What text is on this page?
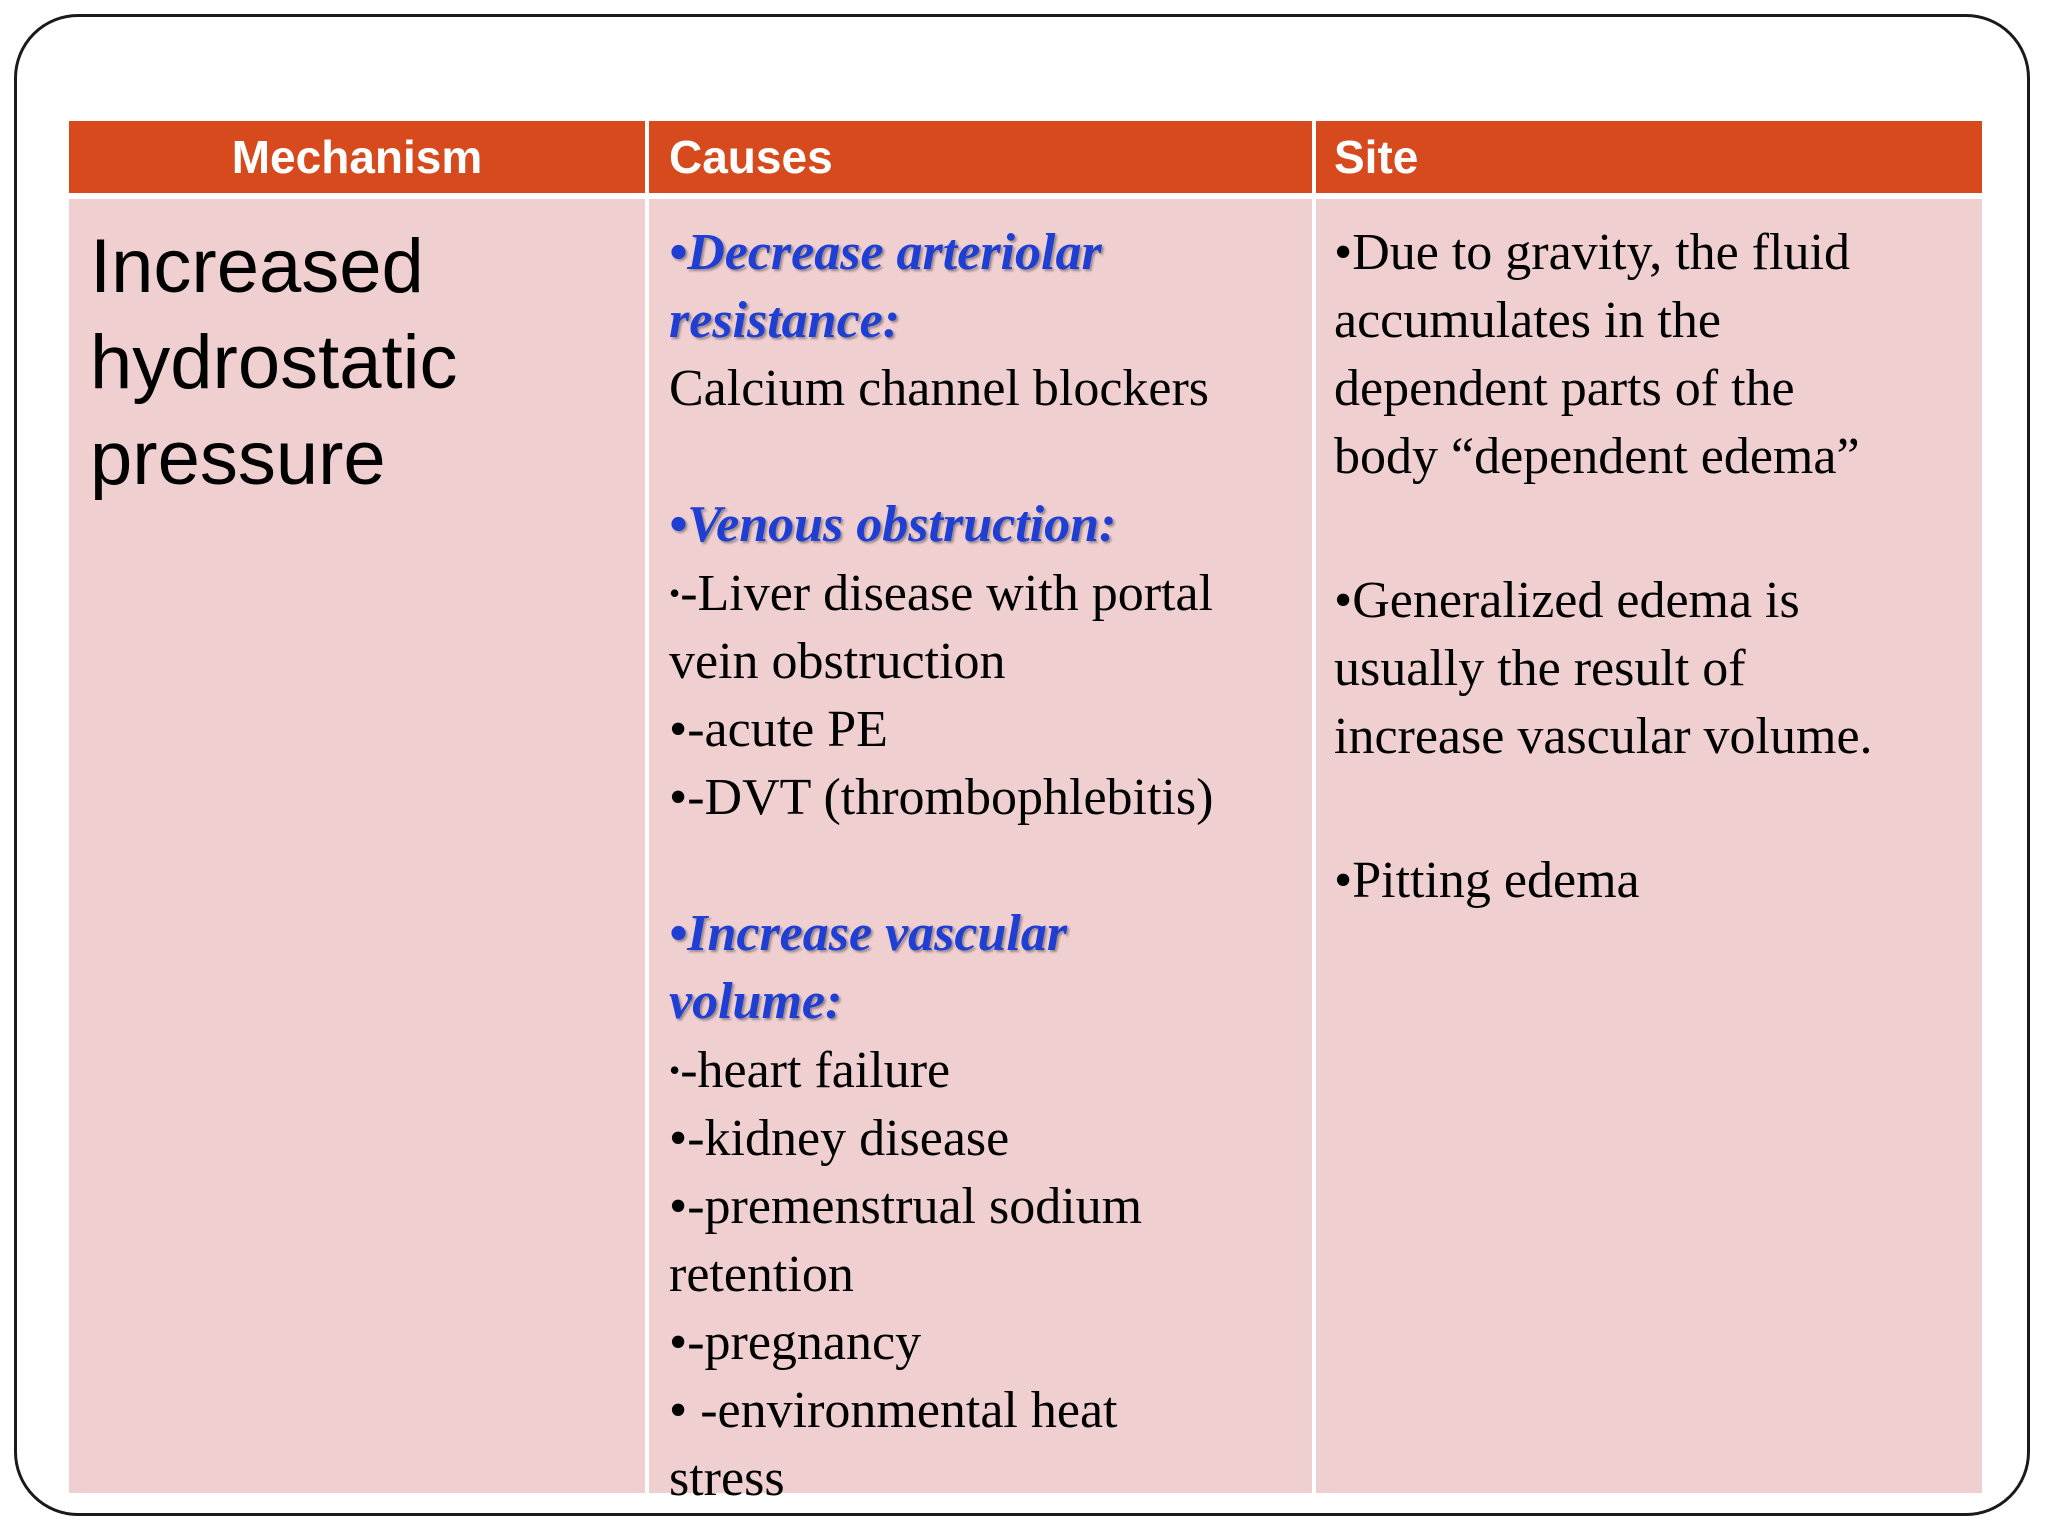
Mechanism	Causes	Site
Increased
hydrostatic
pressure
•Decrease arteriolar
resistance:
Calcium channel blockers
•Venous obstruction:
•-Liver disease with portal
vein obstruction
•-acute PE
•-DVT (thrombophlebitis)
•Increase vascular
volume:
•-heart failure
•-kidney disease
•-premenstrual sodium
retention
•-pregnancy
• -environmental heat
stress
•Due to gravity, the fluid
accumulates in the
dependent parts of the
body “dependent edema”
•Generalized edema is
usually the result of
increase vascular volume.
•Pitting edema
